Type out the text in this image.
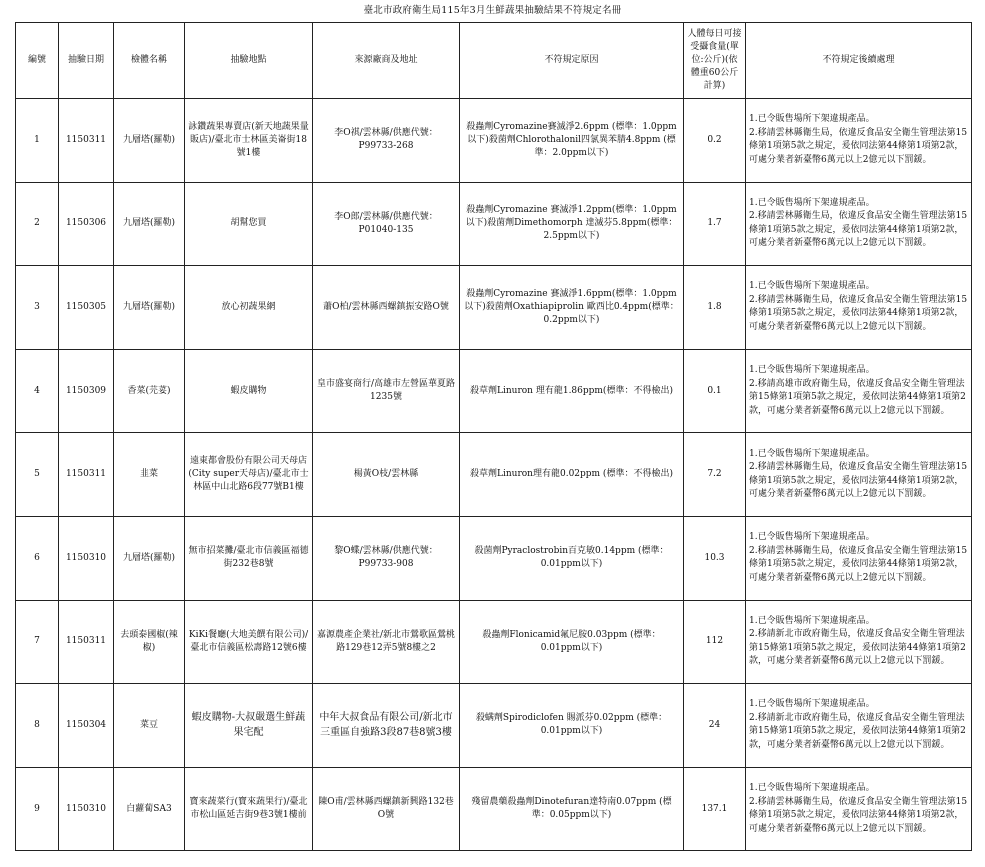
臺北市政府衛生局115年3月生鮮蔬果抽驗結果不符規定名冊
編號	抽驗日期	檢體名稱	抽驗地點	來源廠商及地址	不符規定原因	人體每日可接受攝食量(單位:公斤)(依體重60公斤計算)	不符規定後續處理
1	1150311	九層塔(羅勒)	詠鑽蔬果專賣店(新天地蔬果量販店)/臺北市士林區美崙街18號1樓	李O祺/雲林縣/供應代號：P99733-268	殺蟲劑Cyromazine賽滅淨2.6ppm (標準：1.0ppm以下)殺菌劑Chlorothalonil四氯異苯腈4.8ppm (標準：2.0ppm以下)	0.2	1.已令販售場所下架違規產品。
2.移請雲林縣衛生局，依違反食品安全衛生管理法第15條第1項第5款之規定，爰依同法第44條第1項第2款，可處分業者新臺幣6萬元以上2億元以下罰鍰。

2	1150306	九層塔(羅勒)	胡幫您買	李O郎/雲林縣/供應代號：P01040-135	殺蟲劑Cyromazine 賽滅淨1.2ppm(標準：1.0ppm以下)殺菌劑Dimethomorph 達滅芬5.8ppm(標準：2.5ppm以下)	1.7	1.已令販售場所下架違規產品。
2.移請雲林縣衛生局，依違反食品安全衛生管理法第15條第1項第5款之規定，爰依同法第44條第1項第2款，可處分業者新臺幣6萬元以上2億元以下罰鍰。

3	1150305	九層塔(羅勒)	放心初蔬果網	蕭O柏/雲林縣西螺鎮振安路O號	殺蟲劑Cyromazine 賽滅淨1.6ppm(標準：1.0ppm以下)殺菌劑Oxathiapiprolin 歐西比0.4ppm(標準：0.2ppm以下)	1.8	1.已令販售場所下架違規產品。
2.移請雲林縣衛生局，依違反食品安全衛生管理法第15條第1項第5款之規定，爰依同法第44條第1項第2款，可處分業者新臺幣6萬元以上2億元以下罰鍰。

4	1150309	香菜(芫荽)	蝦皮購物	皇市盛宴商行/高雄市左營區華夏路1235號	殺草劑Linuron 理有龍1.86ppm(標準：不得檢出)	0.1	1.已令販售場所下架違規產品。
2.移請高雄市政府衛生局，依違反食品安全衛生管理法第15條第1項第5款之規定，爰依同法第44條第1項第2款，可處分業者新臺幣6萬元以上2億元以下罰鍰。

5	1150311	韭菜	遠東都會股份有限公司天母店(City super天母店)/臺北市士林區中山北路6段77號B1樓	楊黃O枝/雲林縣	殺草劑Linuron理有龍0.02ppm (標準：不得檢出)	7.2	1.已令販售場所下架違規產品。
2.移請雲林縣衛生局，依違反食品安全衛生管理法第15條第1項第5款之規定，爰依同法第44條第1項第2款，可處分業者新臺幣6萬元以上2億元以下罰鍰。

6	1150310	九層塔(羅勒)	無市招菜攤/臺北市信義區福德街232巷8號	黎O蝶/雲林縣/供應代號：P99733-908	殺菌劑Pyraclostrobin百克敏0.14ppm (標準：0.01ppm以下)	10.3	1.已令販售場所下架違規產品。
2.移請雲林縣衛生局，依違反食品安全衛生管理法第15條第1項第5款之規定，爰依同法第44條第1項第2款，可處分業者新臺幣6萬元以上2億元以下罰鍰。

7	1150311	去頭泰國椒(辣椒)	KiKi餐廳(大地美饌有限公司)/臺北市信義區松壽路12號6樓	嘉源農產企業社/新北市鶯歌區鶯桃路129巷12弄5號8樓之2	殺蟲劑Flonicamid氟尼胺0.03ppm (標準：0.01ppm以下)	112	1.已令販售場所下架違規產品。
2.移請新北市政府衛生局，依違反食品安全衛生管理法第15條第1項第5款之規定，爰依同法第44條第1項第2款，可處分業者新臺幣6萬元以上2億元以下罰鍰。

8	1150304	菜豆	蝦皮購物-大叔嚴選生鮮蔬果宅配	中年大叔食品有限公司/新北市三重區自強路3段87巷8號3樓	殺螨劑Spirodiclofen 賜派芬0.02ppm (標準：0.01ppm以下)	24	1.已令販售場所下架違規產品。
2.移請新北市政府衛生局，依違反食品安全衛生管理法第15條第1項第5款之規定，爰依同法第44條第1項第2款，可處分業者新臺幣6萬元以上2億元以下罰鍰。

9	1150310	白蘿蔔SA3	寶來蔬菜行(寶來蔬果行)/臺北市松山區延吉街9巷3號1樓前	陳O甫/雲林縣西螺鎮新興路132巷O號	殘留農藥殺蟲劑Dinotefuran達特南0.07ppm (標準：0.05ppm以下)	137.1	1.已令販售場所下架違規產品。
2.移請雲林縣衛生局，依違反食品安全衛生管理法第15條第1項第5款之規定，爰依同法第44條第1項第2款，可處分業者新臺幣6萬元以上2億元以下罰鍰。
